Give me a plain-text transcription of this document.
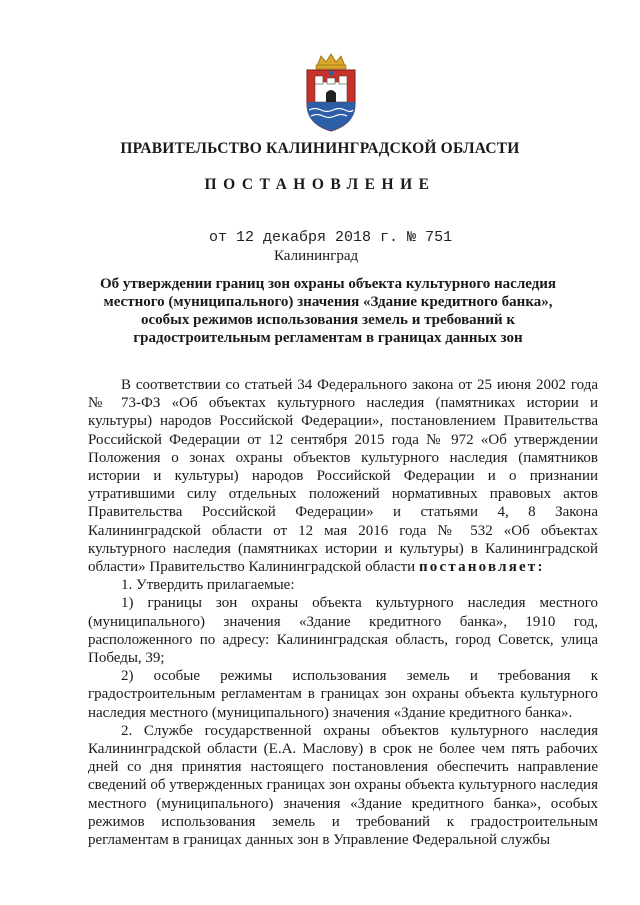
ПРАВИТЕЛЬСТВО КАЛИНИНГРАДСКОЙ ОБЛАСТИ
ПОСТАНОВЛЕНИЕ
от 12 декабря 2018 г. № 751
Калининград
Об утверждении границ зон охраны объекта культурного наследия местного (муниципального) значения «Здание кредитного банка», особых режимов использования земель и требований к градостроительным регламентам в границах данных зон

В соответствии со статьей 34 Федерального закона от 25 июня 2002 года № 73-ФЗ «Об объектах культурного наследия (памятниках истории и культуры) народов Российской Федерации», постановлением Правительства Российской Федерации от 12 сентября 2015 года № 972 «Об утверждении Положения о зонах охраны объектов культурного наследия (памятников истории и культуры) народов Российской Федерации и о признании утратившими силу отдельных положений нормативных правовых актов Правительства Российской Федерации» и статьями 4, 8 Закона Калининградской области от 12 мая 2016 года № 532 «Об объектах культурного наследия (памятниках истории и культуры) в Калининградской области» Правительство Калининградской области постановляет:

1. Утвердить прилагаемые:

1) границы зон охраны объекта культурного наследия местного (муниципального) значения «Здание кредитного банка», 1910 год, расположенного по адресу: Калининградская область, город Советск, улица Победы, 39;

2) особые режимы использования земель и требования к градостроительным регламентам в границах зон охраны объекта культурного наследия местного (муниципального) значения «Здание кредитного банка».

2. Службе государственной охраны объектов культурного наследия Калининградской области (Е.А. Маслову) в срок не более чем пять рабочих дней со дня принятия настоящего постановления обеспечить направление сведений об утвержденных границах зон охраны объекта культурного наследия местного (муниципального) значения «Здание кредитного банка», особых режимов использования земель и требований к градостроительным регламентам в границах данных зон в Управление Федеральной службы
